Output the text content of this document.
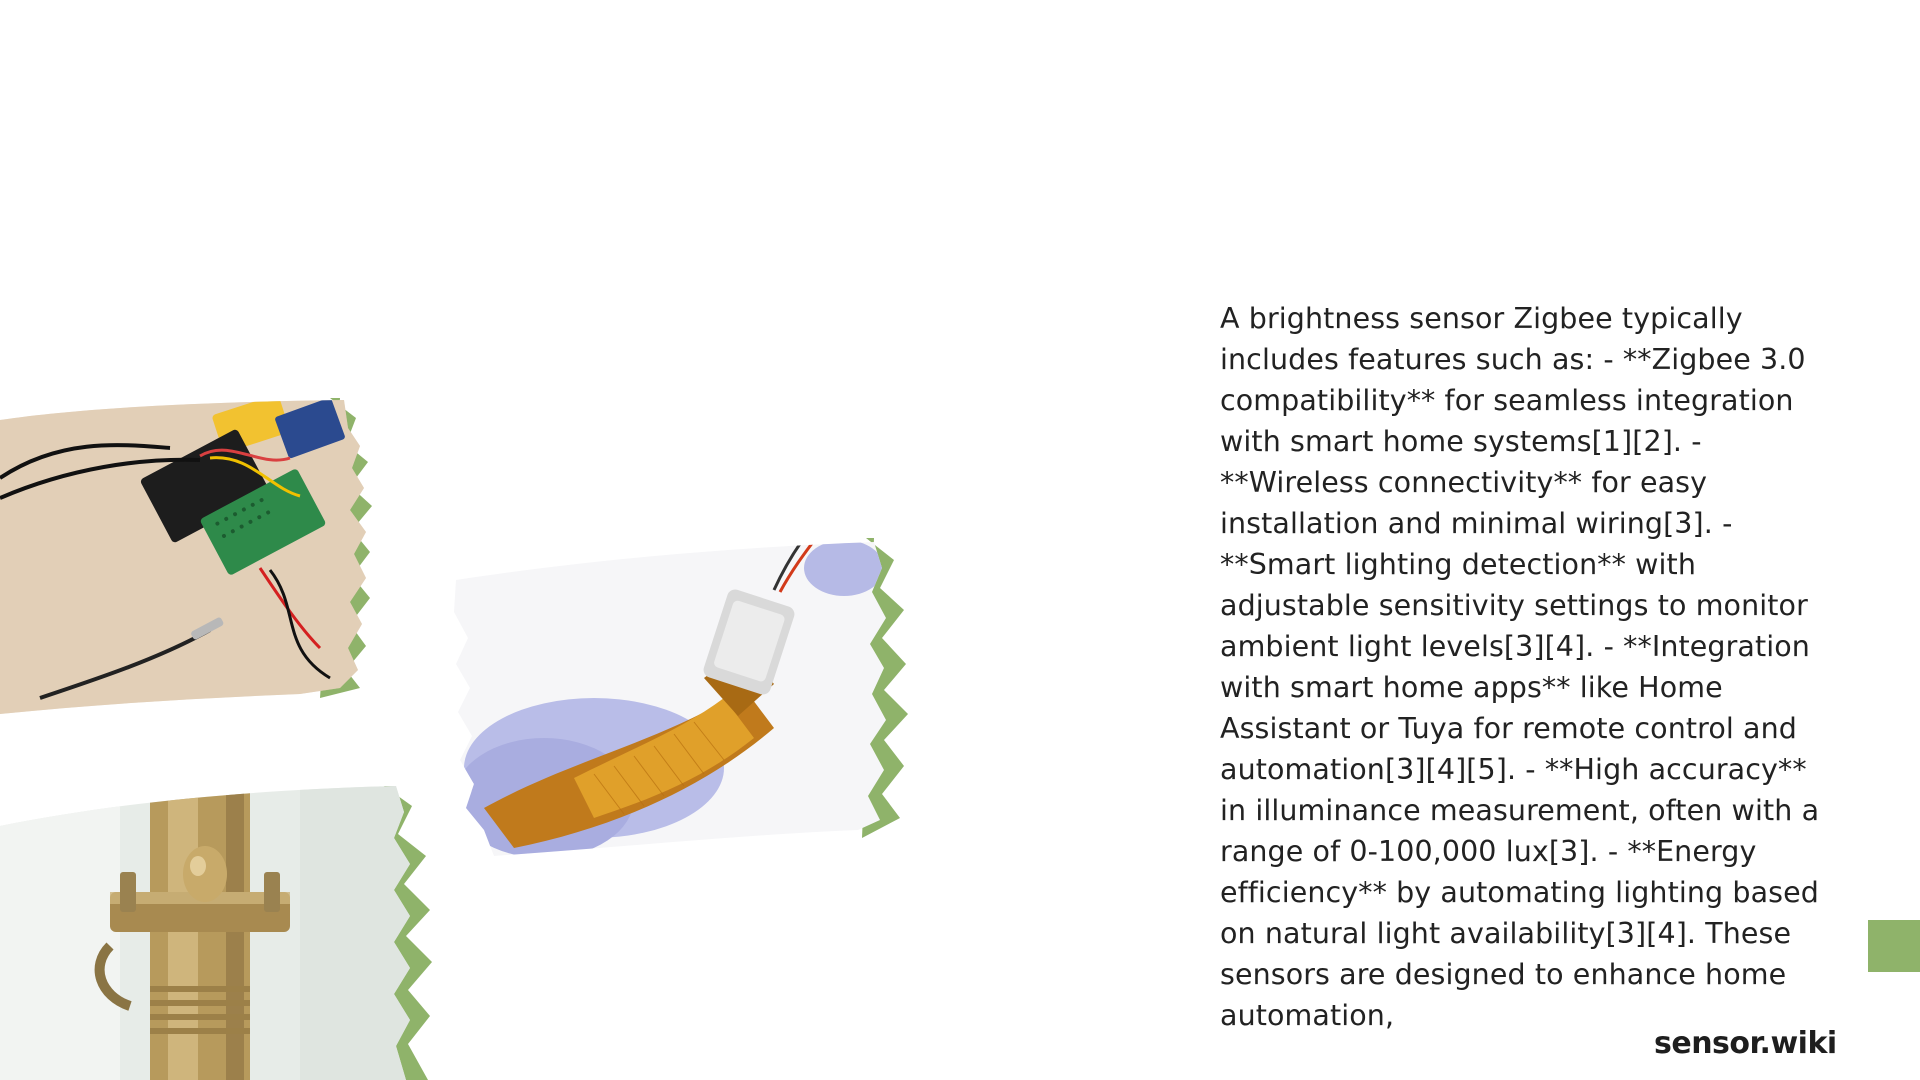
A brightness sensor Zigbee typically includes features such as: - **Zigbee 3.0 compatibility** for seamless integration with smart home systems[1][2]. - **Wireless connectivity** for easy installation and minimal wiring[3]. - **Smart lighting detection** with adjustable sensitivity settings to monitor ambient light levels[3][4]. - **Integration with smart home apps** like Home Assistant or Tuya for remote control and automation[3][4][5]. - **High accuracy** in illuminance measurement, often with a range of 0-100,000 lux[3]. - **Energy efficiency** by automating lighting based on natural light availability[3][4]. These sensors are designed to enhance home automation,

sensor.wiki
